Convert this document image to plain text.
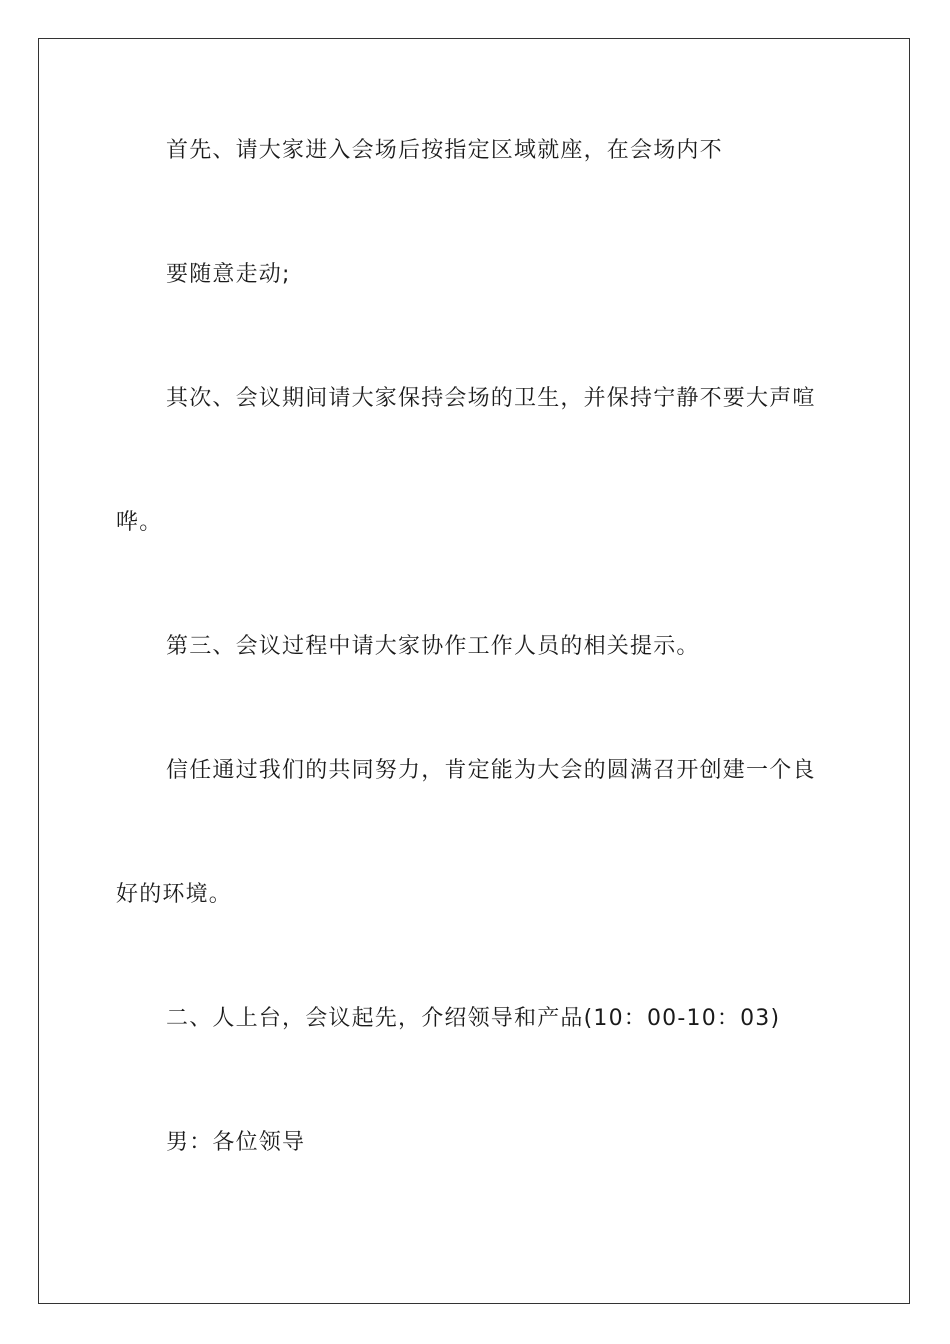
首先、请大家进入会场后按指定区域就座，在会场内不
要随意走动;
其次、会议期间请大家保持会场的卫生，并保持宁静不要大声喧
哗。
第三、会议过程中请大家协作工作人员的相关提示。
信任通过我们的共同努力，肯定能为大会的圆满召开创建一个良
好的环境。
二、人上台，会议起先，介绍领导和产品(10：00-10：03)
男：各位领导
